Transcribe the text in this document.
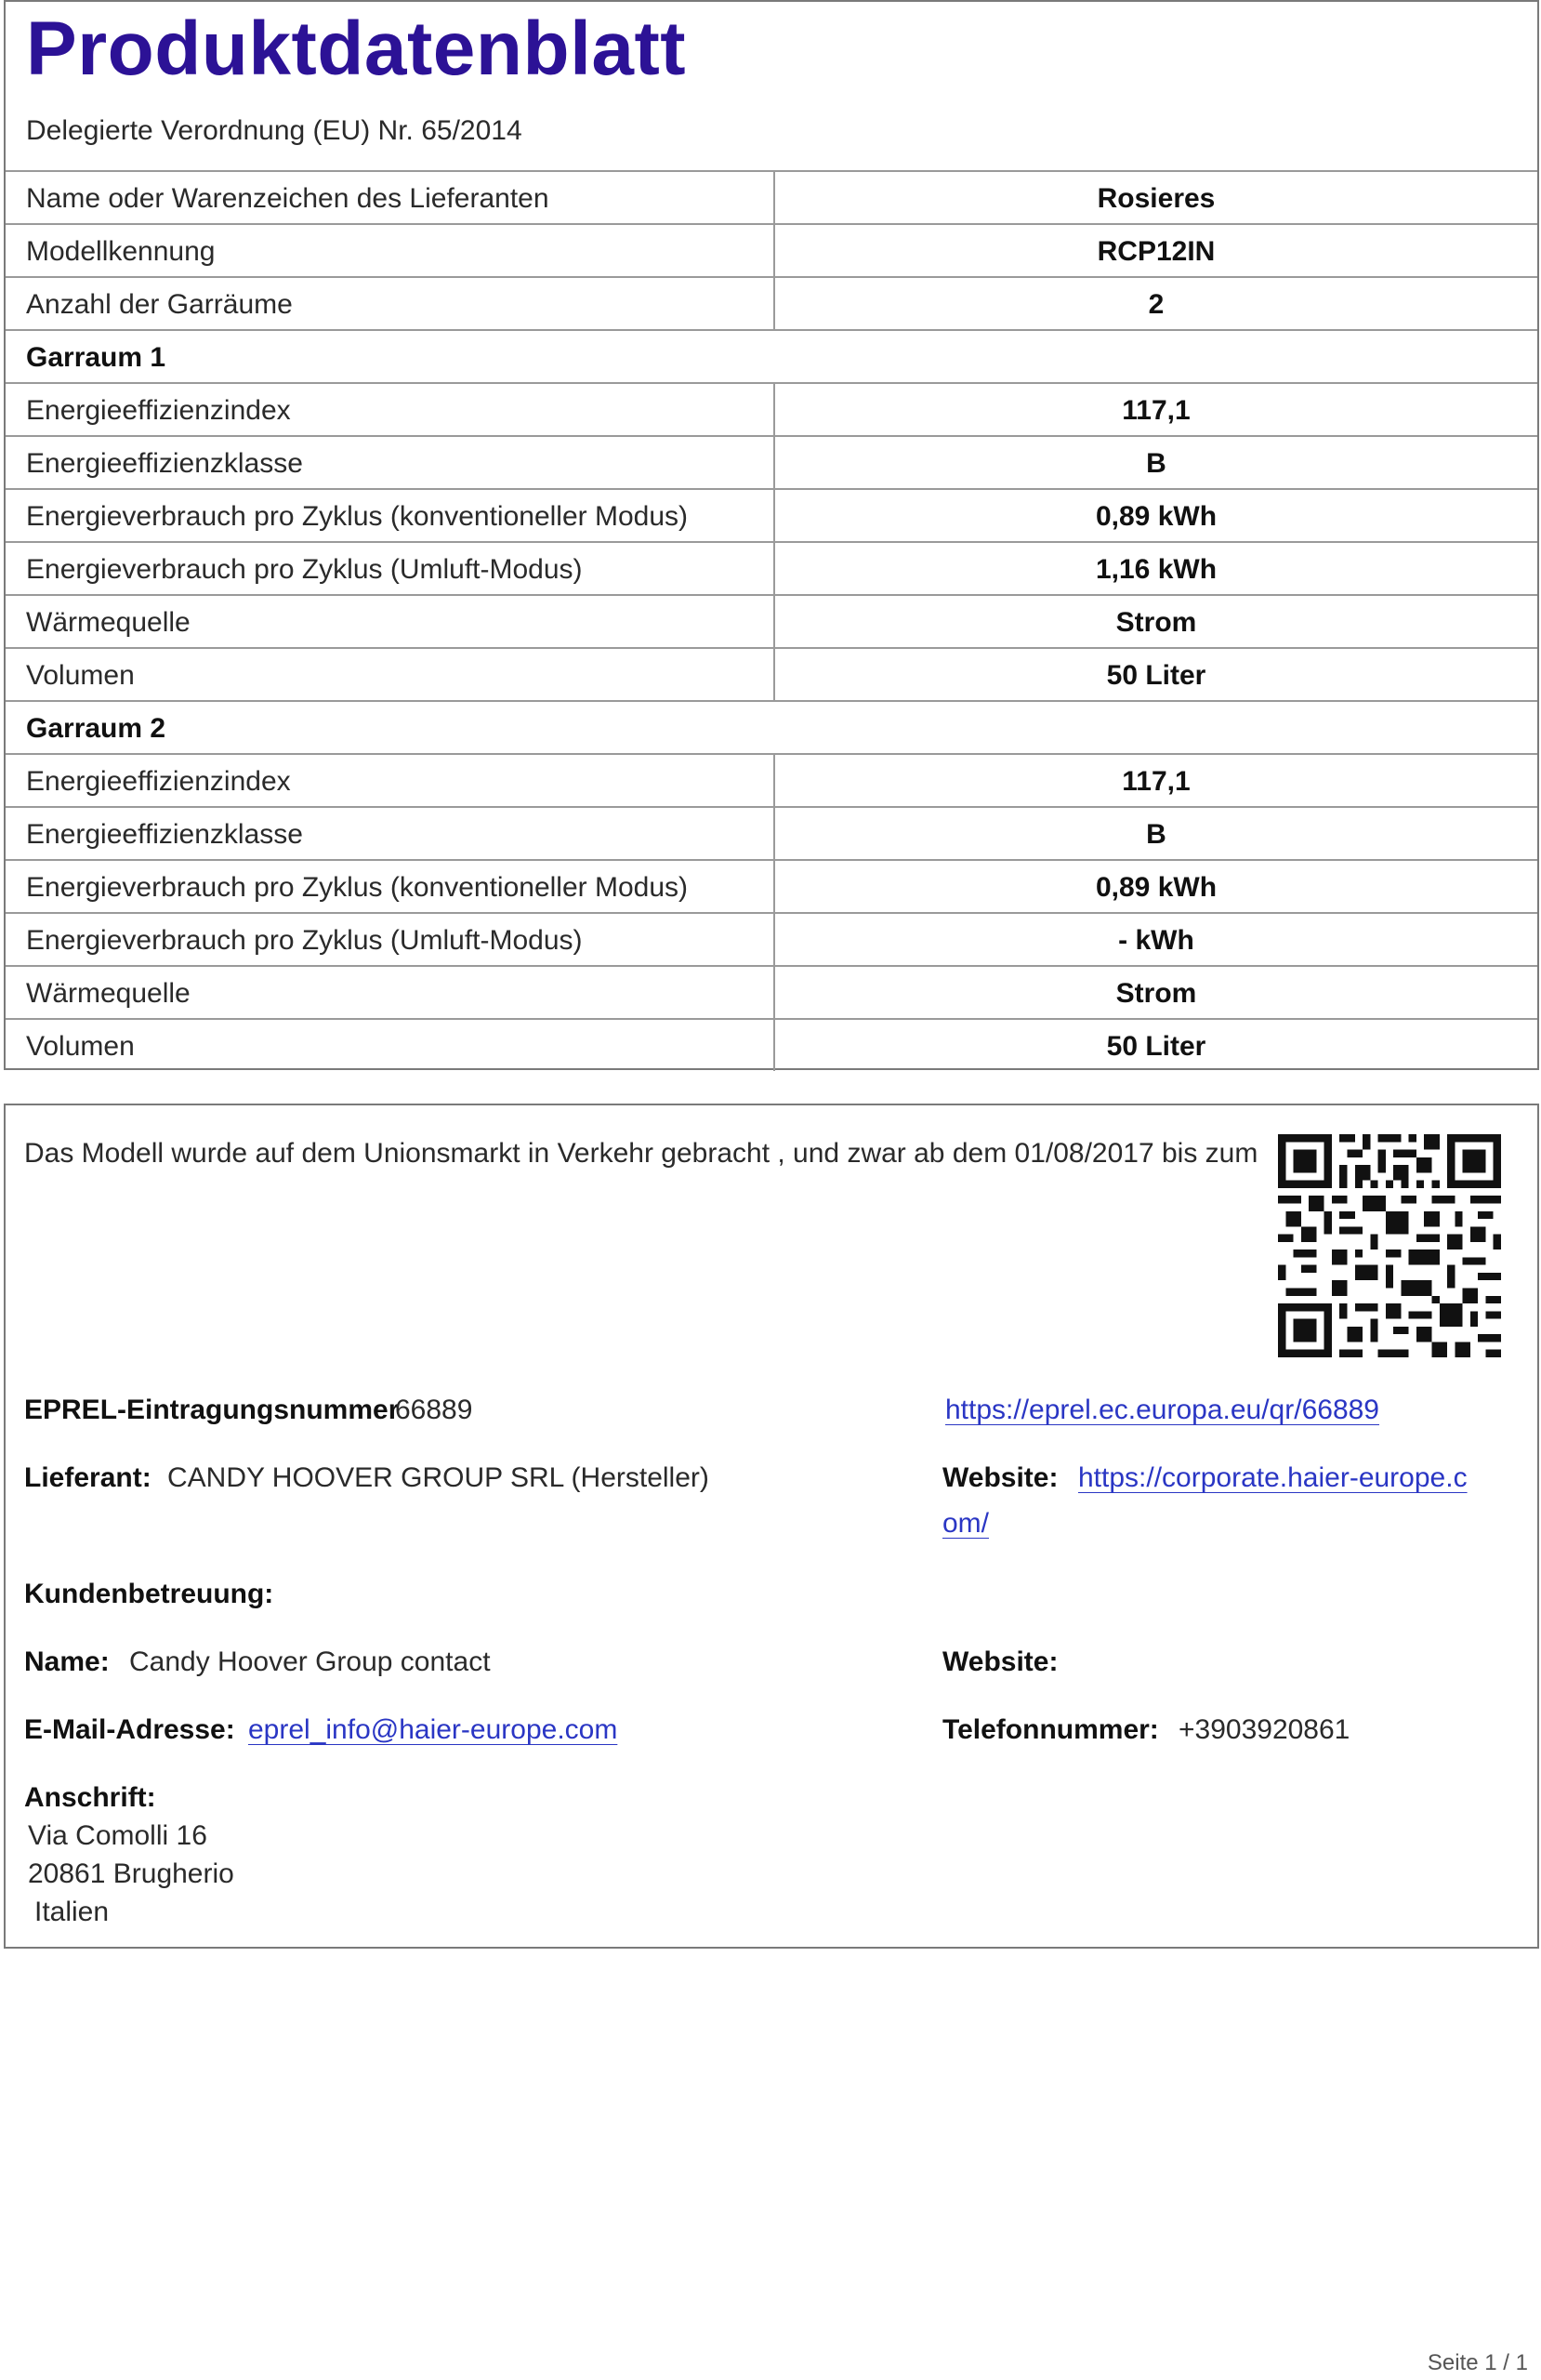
Produktdatenblatt
Delegierte Verordnung (EU) Nr. 65/2014
Name oder Warenzeichen des Lieferanten	Rosieres
Modellkennung	RCP12IN
Anzahl der Garräume	2
Garraum 1
Energieeffizienzindex	117,1
Energieeffizienzklasse	B
Energieverbrauch pro Zyklus (konventioneller Modus)	0,89 kWh
Energieverbrauch pro Zyklus (Umluft-Modus)	1,16 kWh
Wärmequelle	Strom
Volumen	50 Liter
Garraum 2
Energieeffizienzindex	117,1
Energieeffizienzklasse	B
Energieverbrauch pro Zyklus (konventioneller Modus)	0,89 kWh
Energieverbrauch pro Zyklus (Umluft-Modus)	- kWh
Wärmequelle	Strom
Volumen	50 Liter
Das Modell wurde auf dem Unionsmarkt in Verkehr gebracht , und zwar ab dem 01/08/2017 bis zum
EPREL-Eintragungsnummer
66889	https://eprel.ec.europa.eu/qr/66889
Lieferant: CANDY HOOVER GROUP SRL (Hersteller)	Website: https://corporate.haier-europe.c
om/
Kundenbetreuung:
Name: Candy Hoover Group contact	Website:
E-Mail-Adresse: eprel_info@haier-europe.com	Telefonnummer: +3903920861
Anschrift:
Via Comolli 16
20861 Brugherio
Italien
Seite 1 / 1
